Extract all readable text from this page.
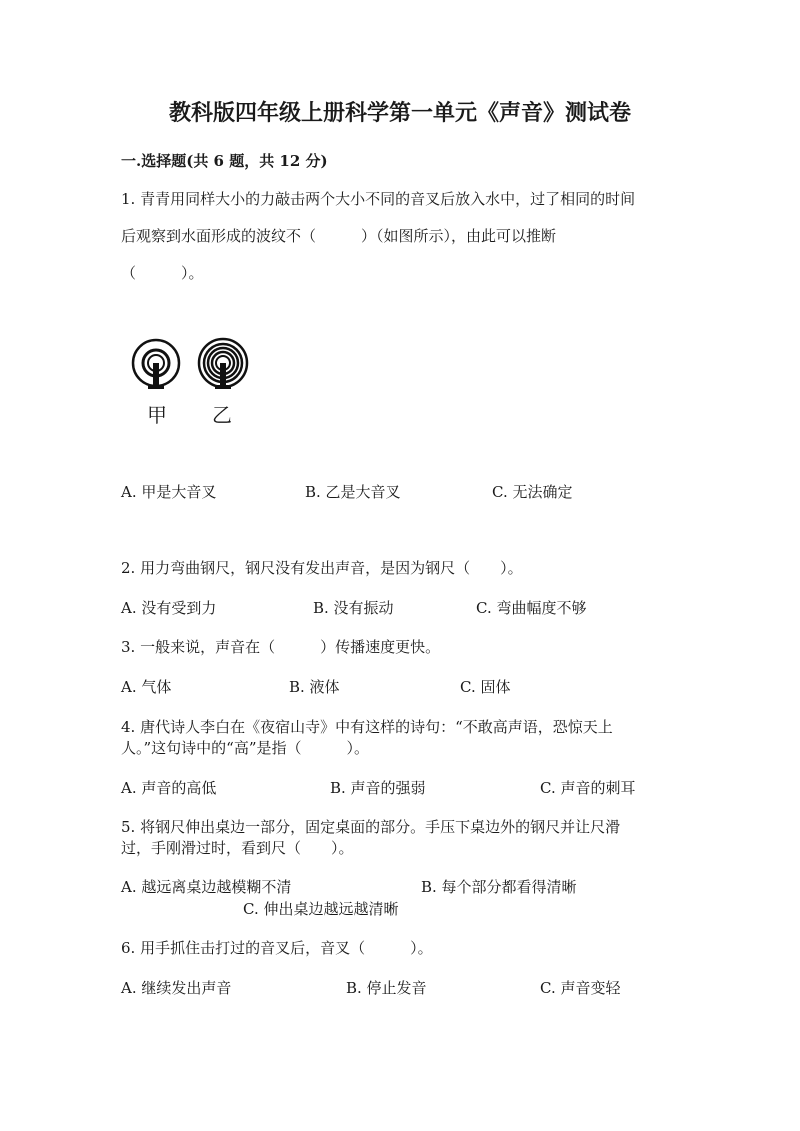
教科版四年级上册科学第一单元《声音》测试卷
一.选择题(共 6 题，共 12 分)
1. 青青用同样大小的力敲击两个大小不同的音叉后放入水中，过了相同的时间
后观察到水面形成的波纹不（　　　）（如图所示），由此可以推断
（　　　）。
甲 乙
A. 甲是大音叉	B. 乙是大音叉	C. 无法确定
2. 用力弯曲钢尺，钢尺没有发出声音，是因为钢尺（　　）。
A. 没有受到力	B. 没有振动	C. 弯曲幅度不够
3. 一般来说，声音在（　　　）传播速度更快。
A. 气体	B. 液体	C. 固体
4. 唐代诗人李白在《夜宿山寺》中有这样的诗句：“不敢高声语，恐惊天上
人。”这句诗中的“高”是指（　　　）。
A. 声音的高低	B. 声音的强弱	C. 声音的刺耳
5. 将钢尺伸出桌边一部分，固定桌面的部分。手压下桌边外的钢尺并让尺滑
过，手刚滑过时，看到尺（　　）。
A. 越远离桌边越模糊不清	B. 每个部分都看得清晰
C. 伸出桌边越远越清晰
6. 用手抓住击打过的音叉后，音叉（　　　）。
A. 继续发出声音	B. 停止发音	C. 声音变轻
